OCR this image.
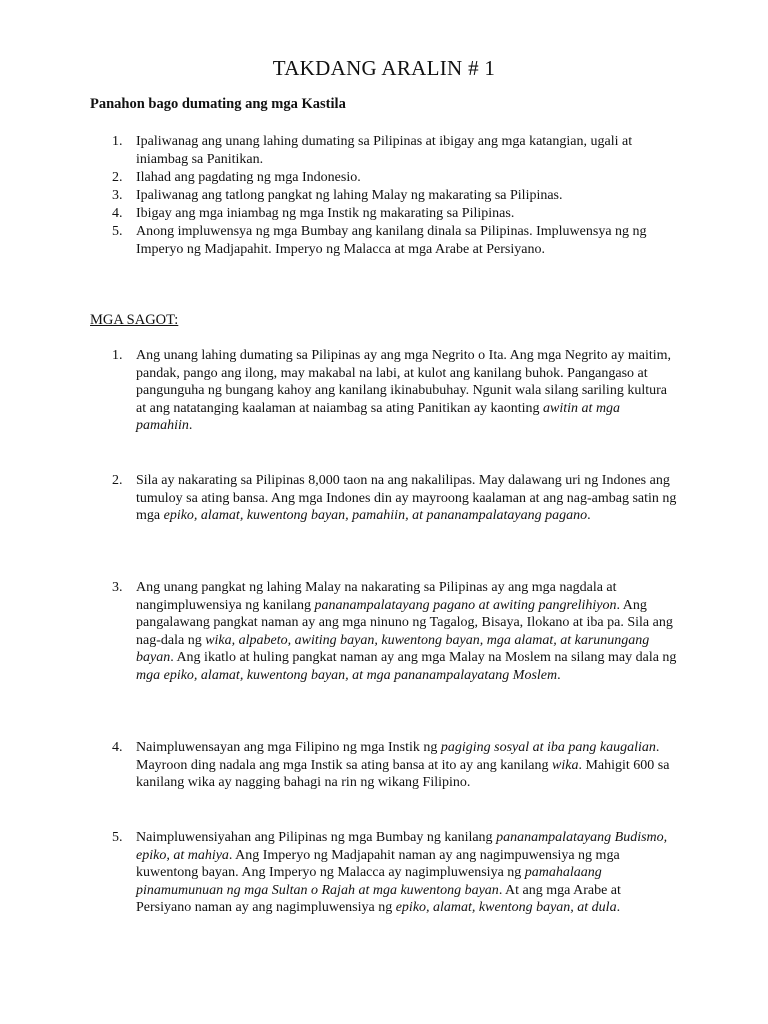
TAKDANG ARALIN # 1
Panahon bago dumating ang mga Kastila
1. Ipaliwanag ang unang lahing dumating sa Pilipinas at ibigay ang mga katangian, ugali at iniambag sa Panitikan.
2. Ilahad ang pagdating ng mga Indonesio.
3. Ipaliwanag ang tatlong pangkat ng lahing Malay ng makarating sa Pilipinas.
4. Ibigay ang mga iniambag ng mga Instik ng makarating sa Pilipinas.
5. Anong impluwensya ng mga Bumbay ang kanilang dinala sa Pilipinas. Impluwensya ng ng Imperyo ng Madjapahit. Imperyo ng Malacca at mga Arabe at Persiyano.
MGA SAGOT:
1. Ang unang lahing dumating sa Pilipinas ay ang mga Negrito o Ita. Ang mga Negrito ay maitim, pandak, pango ang ilong, may makabal na labi, at kulot ang kanilang buhok. Pangangaso at pangunguha ng bungang kahoy ang kanilang ikinabubuhay. Ngunit wala silang sariling kultura at ang natatanging kaalaman at naiambag sa ating Panitikan ay kaonting awitin at mga pamahiin.
2. Sila ay nakarating sa Pilipinas 8,000 taon na ang nakalilipas. May dalawang uri ng Indones ang tumuloy sa ating bansa. Ang mga Indones din ay mayroong kaalaman at ang nag-ambag satin ng mga epiko, alamat, kuwentong bayan, pamahiin, at pananampalatayang pagano.
3. Ang unang pangkat ng lahing Malay na nakarating sa Pilipinas ay ang mga nagdala at nangimpluwensiya ng kanilang pananampalatayang pagano at awiting pangrelihiyon. Ang pangalawang pangkat naman ay ang mga ninuno ng Tagalog, Bisaya, Ilokano at iba pa. Sila ang nag-dala ng wika, alpabeto, awiting bayan, kuwentong bayan, mga alamat, at karunungang bayan. Ang ikatlo at huling pangkat naman ay ang mga Malay na Moslem na silang may dala ng mga epiko, alamat, kuwentong bayan, at mga pananampalayatang Moslem.
4. Naimpluwensayan ang mga Filipino ng mga Instik ng pagiging sosyal at iba pang kaugalian. Mayroon ding nadala ang mga Instik sa ating bansa at ito ay ang kanilang wika. Mahigit 600 sa kanilang wika ay nagging bahagi na rin ng wikang Filipino.
5. Naimpluwensiyahan ang Pilipinas ng mga Bumbay ng kanilang pananampalatayang Budismo, epiko, at mahiya. Ang Imperyo ng Madjapahit naman ay ang nagimpuwensiya ng mga kuwentong bayan. Ang Imperyo ng Malacca ay nagimpluwensiya ng pamahalaang pinamumunuan ng mga Sultan o Rajah at mga kuwentong bayan. At ang mga Arabe at Persiyano naman ay ang nagimpluwensiya ng epiko, alamat, kwentong bayan, at dula.
